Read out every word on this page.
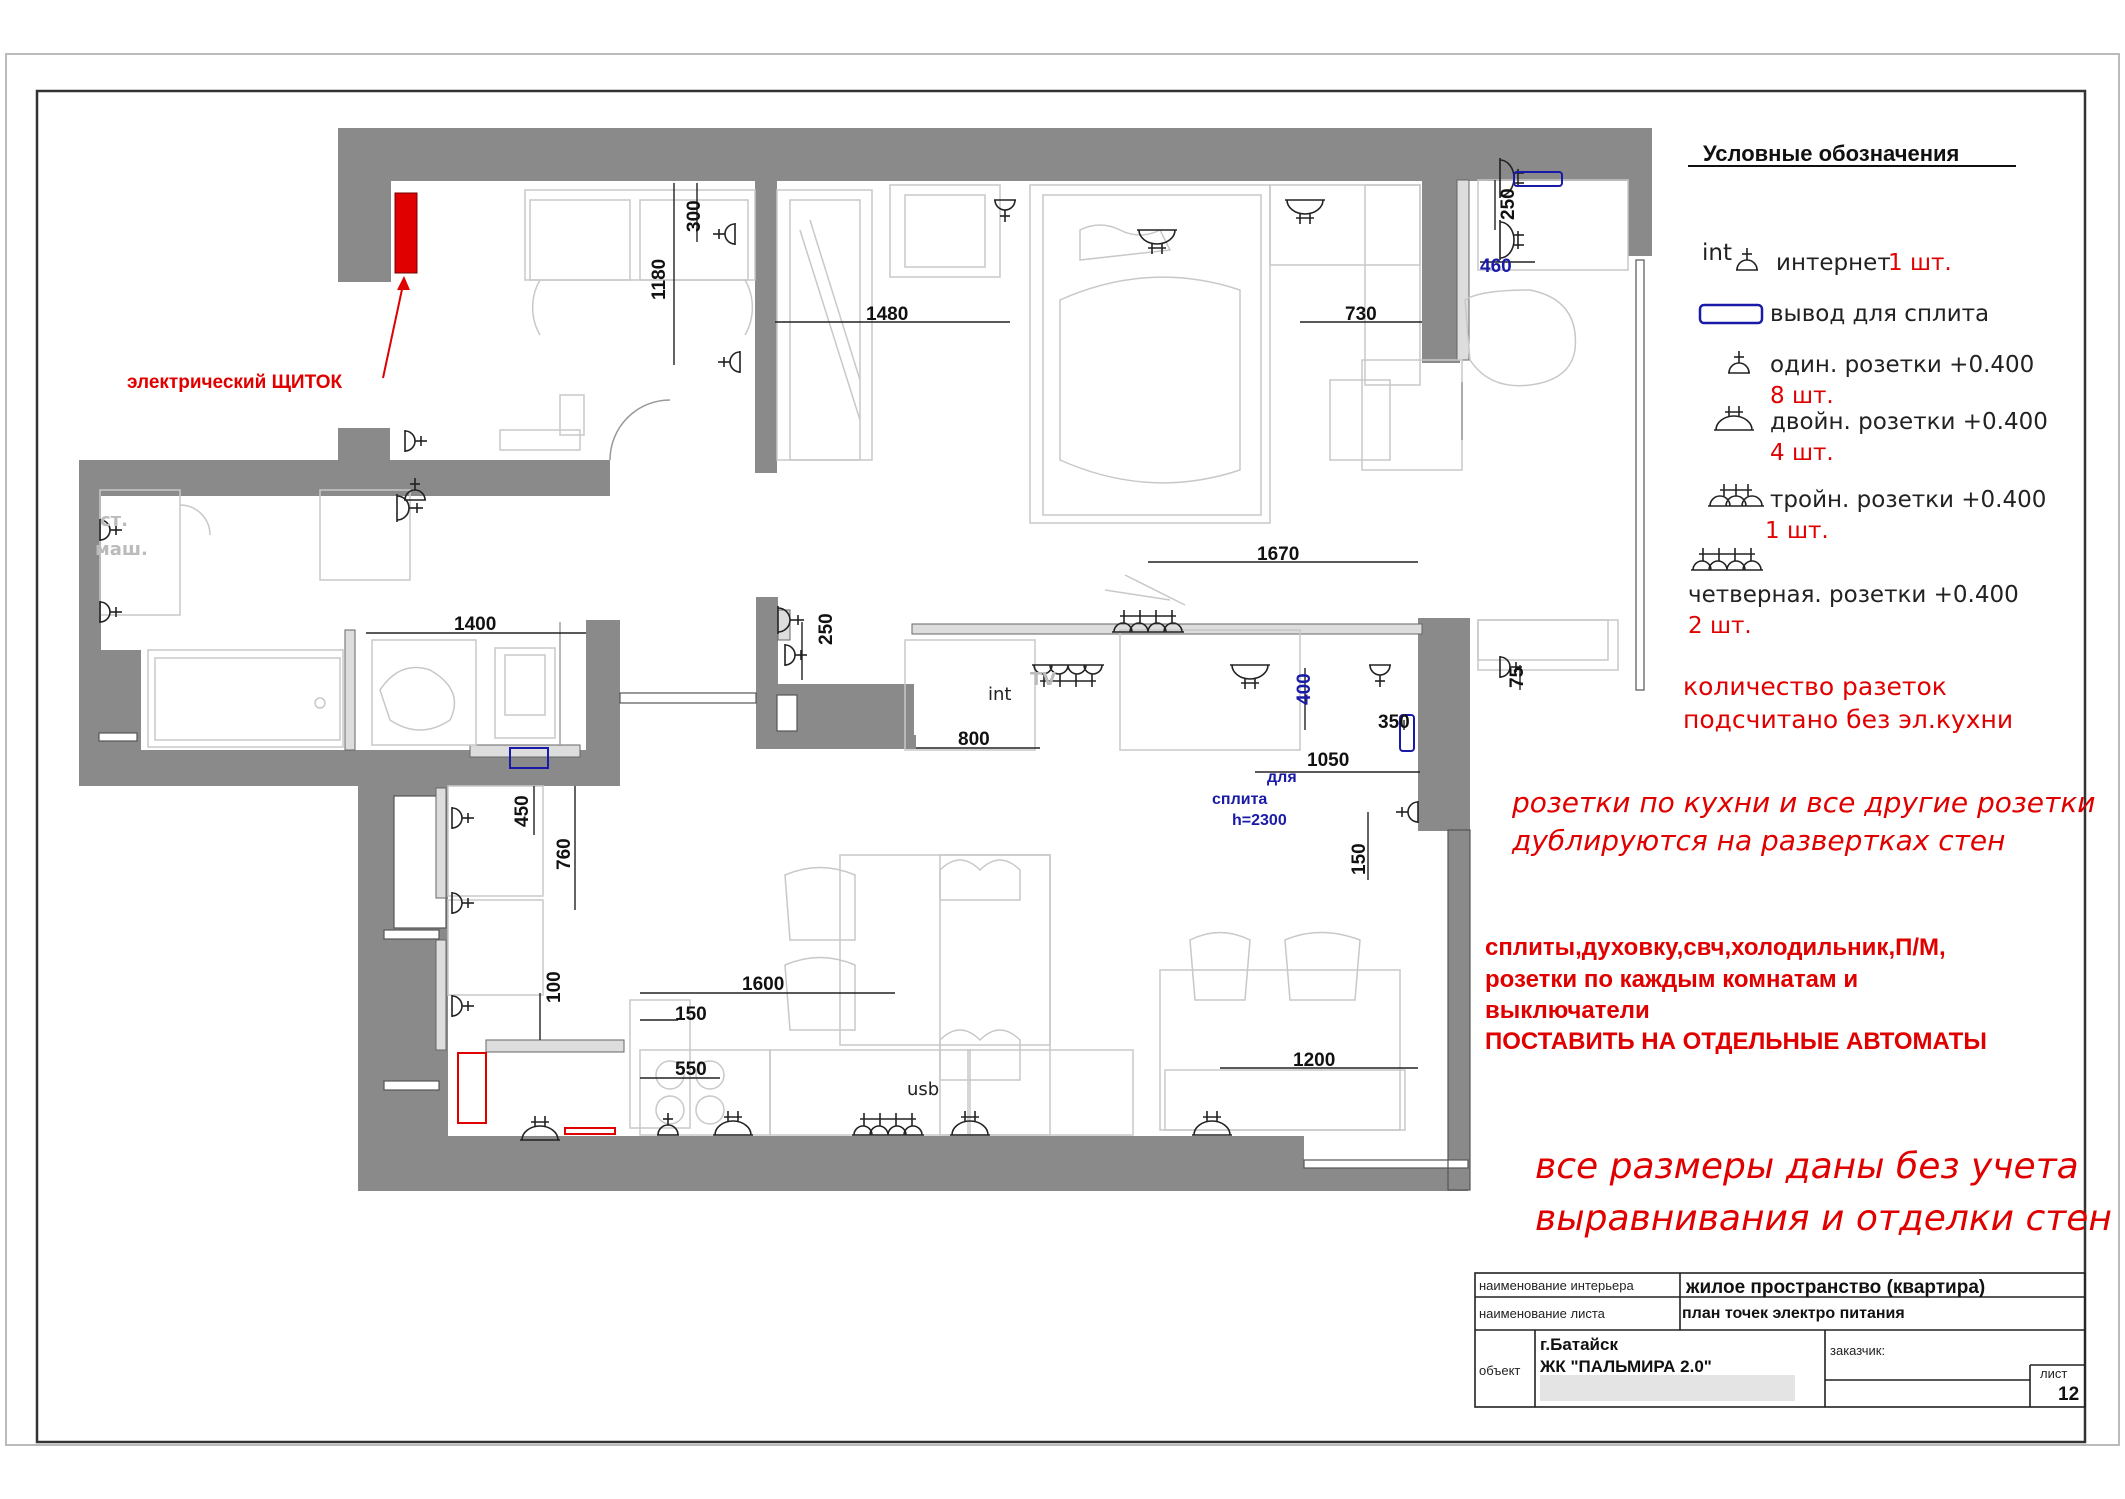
электрический ЩИТОК
300
1180
1480	730
250
460
1670
250
1400
800
400
350
1050
75
450
760	150
100	1600
150
550	1200
ст.
маш.
для
сплита
h=2300
int
TV
usb
Условные обозначения
int интернет
1 шт.
вывод для сплита
один. розетки +0.400
8 шт.
двойн. розетки +0.400
4 шт.
тройн. розетки +0.400
1 шт.
четверная. розетки +0.400
2 шт.
количество разеток
подсчитано без эл.кухни
розетки по кухни и все другие розетки
дублируются на развертках стен
сплиты,духовку,свч,холодильник,П/М,
розетки по каждым комнатам и
выключатели
ПОСТАВИТЬ НА ОТДЕЛЬНЫЕ АВТОМАТЫ
все размеры даны без учета
выравнивания и отделки стен
наименование интерьера	жилое пространство (квартира)
наименование листа	план точек электро питания
объект
г.Батайск
ЖК "ПАЛЬМИРА 2.0"
заказчик:
лист
12
